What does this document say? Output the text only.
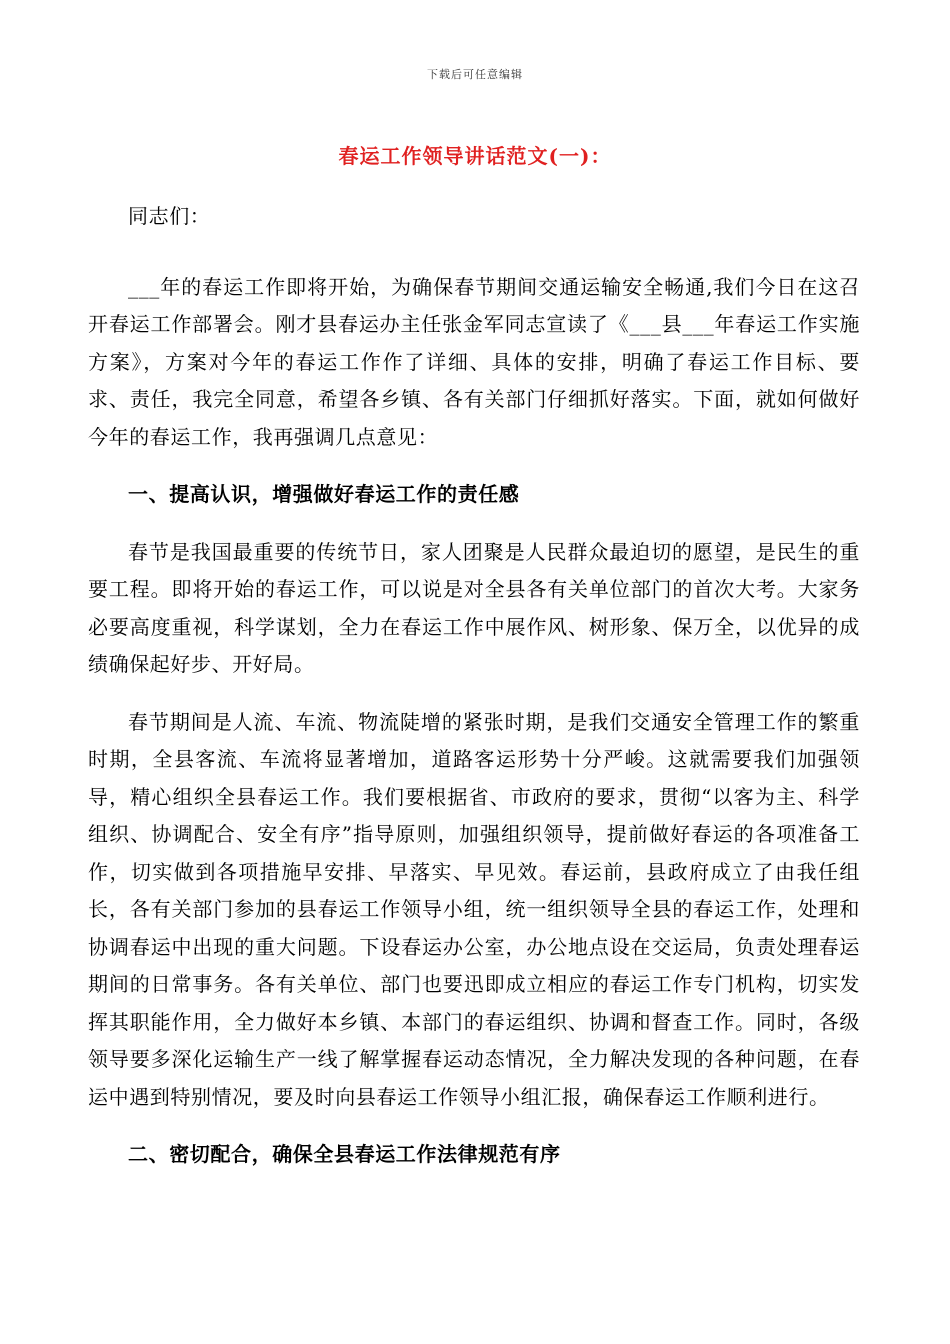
下载后可任意编辑
春运工作领导讲话范文(一)：

同志们：

___年的春运工作即将开始，为确保春节期间交通运输安全畅通,我们今日在这召开春运工作部署会。刚才县春运办主任张金军同志宣读了《___县___年春运工作实施方案》，方案对今年的春运工作作了详细、具体的安排，明确了春运工作目标、要求、责任，我完全同意，希望各乡镇、各有关部门仔细抓好落实。下面，就如何做好今年的春运工作，我再强调几点意见：

一、提高认识，增强做好春运工作的责任感

春节是我国最重要的传统节日，家人团聚是人民群众最迫切的愿望，是民生的重要工程。即将开始的春运工作，可以说是对全县各有关单位部门的首次大考。大家务必要高度重视，科学谋划，全力在春运工作中展作风、树形象、保万全，以优异的成绩确保起好步、开好局。

春节期间是人流、车流、物流陡增的紧张时期，是我们交通安全管理工作的繁重时期，全县客流、车流将显著增加，道路客运形势十分严峻。这就需要我们加强领导，精心组织全县春运工作。我们要根据省、市政府的要求，贯彻“以客为主、科学组织、协调配合、安全有序”指导原则，加强组织领导，提前做好春运的各项准备工作，切实做到各项措施早安排、早落实、早见效。春运前，县政府成立了由我任组长，各有关部门参加的县春运工作领导小组，统一组织领导全县的春运工作，处理和协调春运中出现的重大问题。下设春运办公室，办公地点设在交运局，负责处理春运期间的日常事务。各有关单位、部门也要迅即成立相应的春运工作专门机构，切实发挥其职能作用，全力做好本乡镇、本部门的春运组织、协调和督查工作。同时，各级领导要多深化运输生产一线了解掌握春运动态情况，全力解决发现的各种问题，在春运中遇到特别情况，要及时向县春运工作领导小组汇报，确保春运工作顺利进行。

二、密切配合，确保全县春运工作法律规范有序
